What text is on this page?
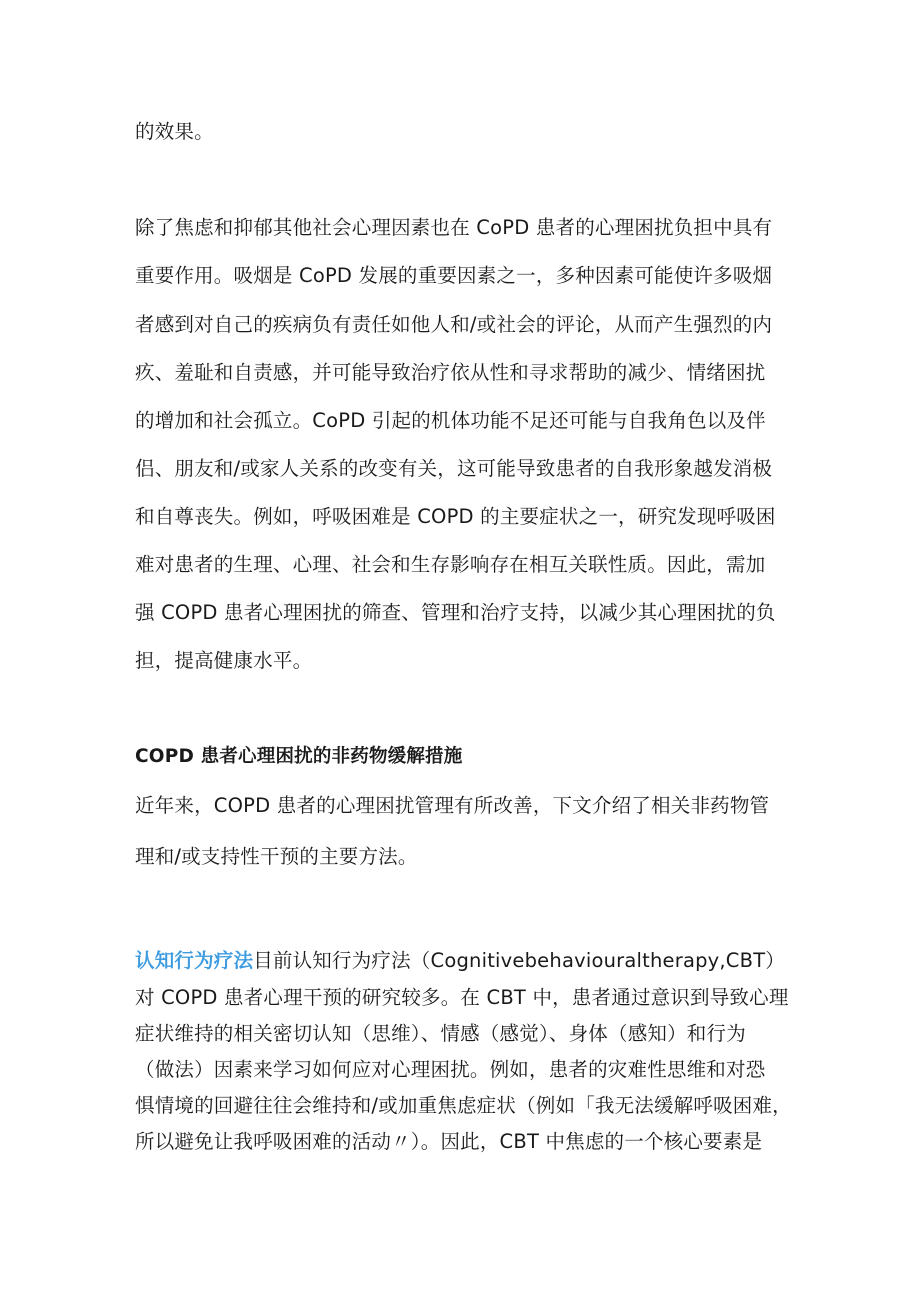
的效果。
除了焦虑和抑郁其他社会心理因素也在 CoPD 患者的心理困扰负担中具有
重要作用。吸烟是 CoPD 发展的重要因素之一，多种因素可能使许多吸烟
者感到对自己的疾病负有责任如他人和/或社会的评论，从而产生强烈的内
疚、羞耻和自责感，并可能导致治疗依从性和寻求帮助的减少、情绪困扰
的增加和社会孤立。CoPD 引起的机体功能不足还可能与自我角色以及伴
侣、朋友和/或家人关系的改变有关，这可能导致患者的自我形象越发消极
和自尊丧失。例如，呼吸困难是 COPD 的主要症状之一，研究发现呼吸困
难对患者的生理、心理、社会和生存影响存在相互关联性质。因此，需加
强 COPD 患者心理困扰的筛查、管理和治疗支持，以减少其心理困扰的负
担，提高健康水平。
COPD 患者心理困扰的非药物缓解措施
近年来，COPD 患者的心理困扰管理有所改善，下文介绍了相关非药物管
理和/或支持性干预的主要方法。
认知行为疗法目前认知行为疗法（Cognitivebehaviouraltherapy,CBT）
对 COPD 患者心理干预的研究较多。在 CBT 中，患者通过意识到导致心理
症状维持的相关密切认知（思维）、情感（感觉）、身体（感知）和行为
（做法）因素来学习如何应对心理困扰。例如，患者的灾难性思维和对恐
惧情境的回避往往会维持和/或加重焦虑症状（例如「我无法缓解呼吸困难，
所以避免让我呼吸困难的活动〃）。因此，CBT 中焦虑的一个核心要素是
